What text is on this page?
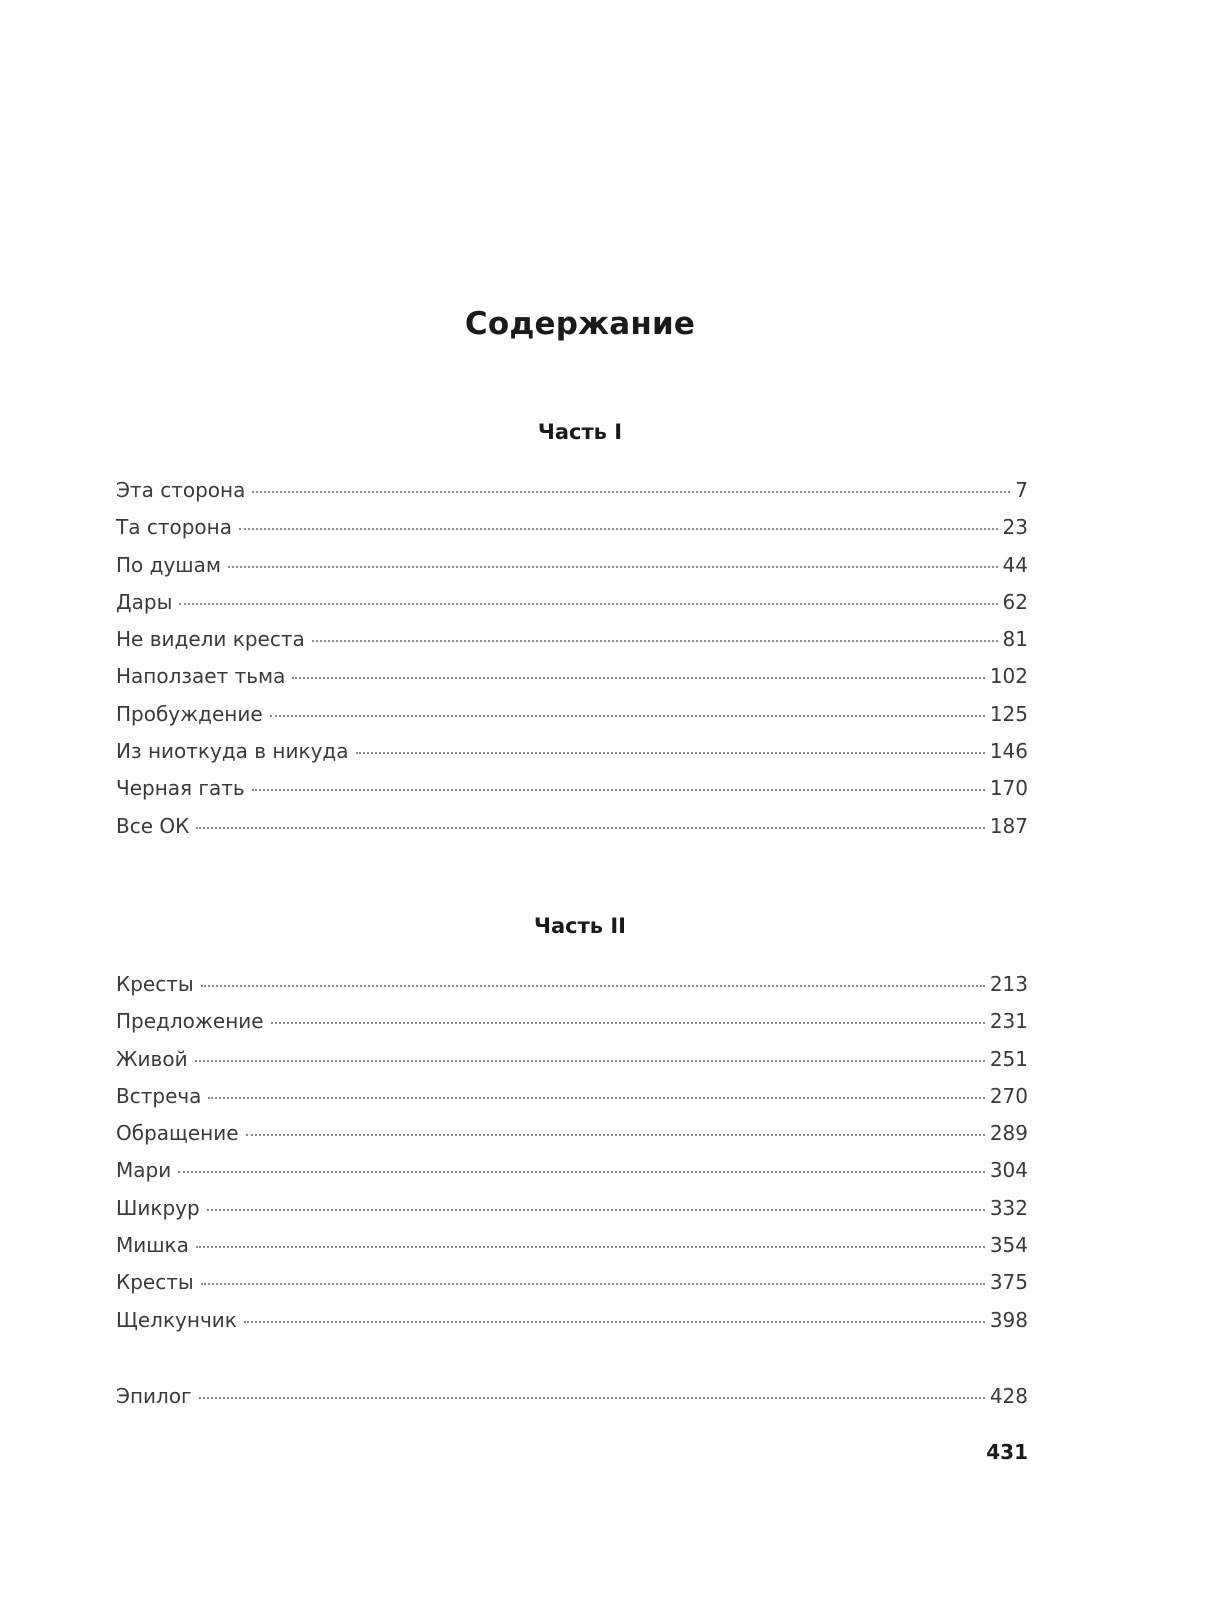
Содержание
Часть I
Эта сторона	7
Та сторона	23
По душам	44
Дары	62
Не видели креста	81
Наползает тьма	102
Пробуждение	125
Из ниоткуда в никуда	146
Черная гать	170
Все ОК	187
Часть II
Кресты	213
Предложение	231
Живой	251
Встреча	270
Обращение	289
Мари	304
Шикруp	332
Мишка	354
Кресты	375
Щелкунчик	398
Эпилог	428
431
